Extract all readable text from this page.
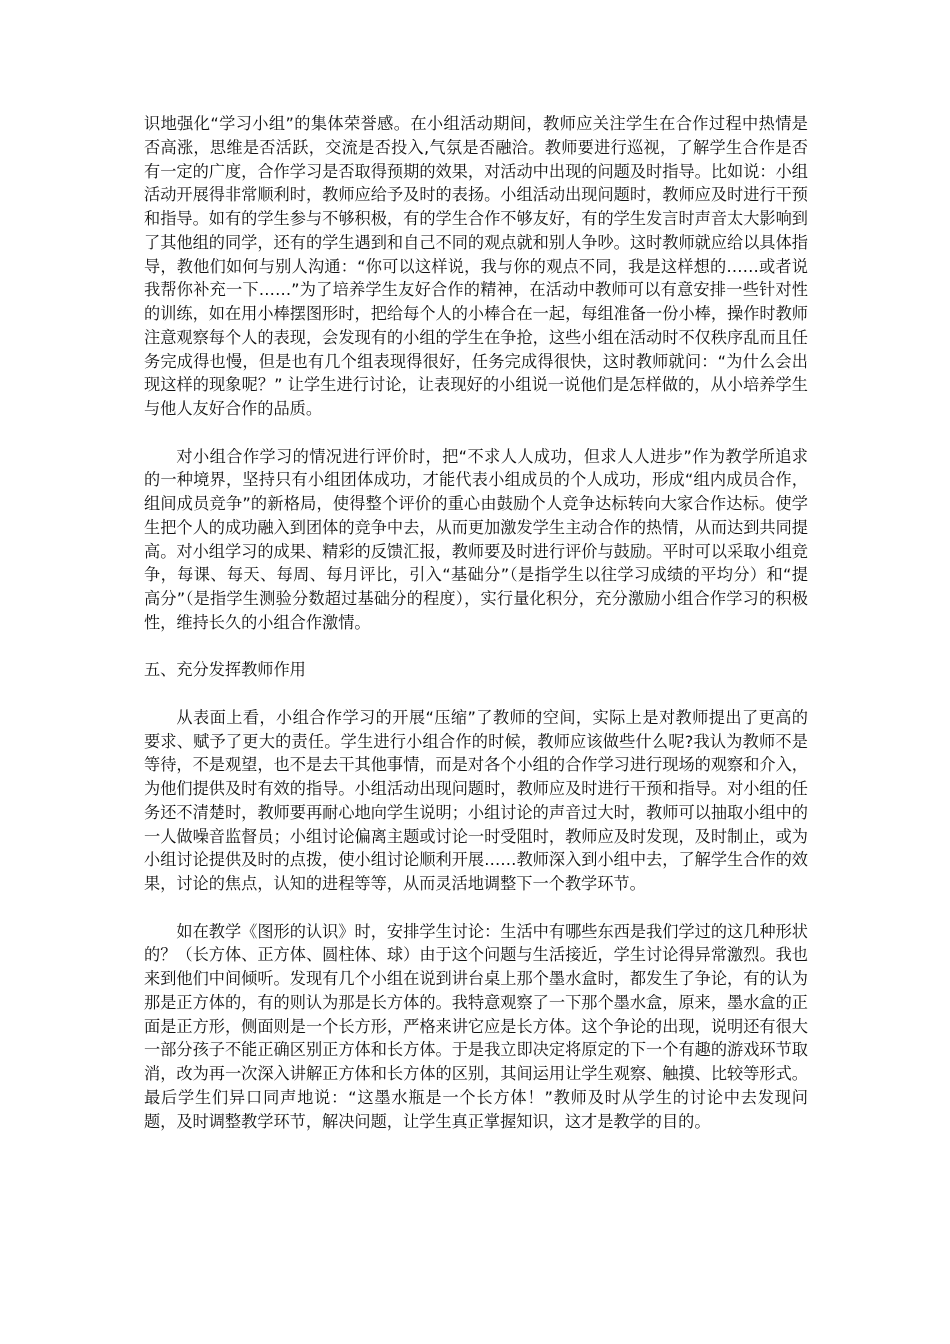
识地强化“学习小组”的集体荣誉感。在小组活动期间，教师应关注学生在合作过程中热情是否高涨，思维是否活跃，交流是否投入,气氛是否融洽。教师要进行巡视，了解学生合作是否有一定的广度，合作学习是否取得预期的效果，对活动中出现的问题及时指导。比如说：小组活动开展得非常顺利时，教师应给予及时的表扬。小组活动出现问题时，教师应及时进行干预和指导。如有的学生参与不够积极，有的学生合作不够友好，有的学生发言时声音太大影响到了其他组的同学，还有的学生遇到和自己不同的观点就和别人争吵。这时教师就应给以具体指导，教他们如何与别人沟通：“你可以这样说，我与你的观点不同，我是这样想的……或者说我帮你补充一下……”为了培养学生友好合作的精神，在活动中教师可以有意安排一些针对性的训练，如在用小棒摆图形时，把给每个人的小棒合在一起，每组准备一份小棒，操作时教师注意观察每个人的表现，会发现有的小组的学生在争抢，这些小组在活动时不仅秩序乱而且任务完成得也慢，但是也有几个组表现得很好，任务完成得很快，这时教师就问：“为什么会出现这样的现象呢？” 让学生进行讨论，让表现好的小组说一说他们是怎样做的，从小培养学生与他人友好合作的品质。

对小组合作学习的情况进行评价时，把“不求人人成功，但求人人进步”作为教学所追求的一种境界，坚持只有小组团体成功，才能代表小组成员的个人成功，形成“组内成员合作，组间成员竞争”的新格局，使得整个评价的重心由鼓励个人竞争达标转向大家合作达标。使学生把个人的成功融入到团体的竞争中去，从而更加激发学生主动合作的热情，从而达到共同提高。对小组学习的成果、精彩的反馈汇报，教师要及时进行评价与鼓励。平时可以采取小组竞争，每课、每天、每周、每月评比，引入“基础分”（是指学生以往学习成绩的平均分）和“提高分”（是指学生测验分数超过基础分的程度），实行量化积分，充分激励小组合作学习的积极性，维持长久的小组合作激情。

五、充分发挥教师作用

从表面上看，小组合作学习的开展“压缩”了教师的空间，实际上是对教师提出了更高的要求、赋予了更大的责任。学生进行小组合作的时候，教师应该做些什么呢?我认为教师不是等待，不是观望，也不是去干其他事情，而是对各个小组的合作学习进行现场的观察和介入，为他们提供及时有效的指导。小组活动出现问题时，教师应及时进行干预和指导。对小组的任务还不清楚时，教师要再耐心地向学生说明；小组讨论的声音过大时，教师可以抽取小组中的一人做噪音监督员；小组讨论偏离主题或讨论一时受阻时，教师应及时发现，及时制止，或为小组讨论提供及时的点拨，使小组讨论顺利开展……教师深入到小组中去，了解学生合作的效果，讨论的焦点，认知的进程等等，从而灵活地调整下一个教学环节。

如在教学《图形的认识》时，安排学生讨论：生活中有哪些东西是我们学过的这几种形状的？（长方体、正方体、圆柱体、球）由于这个问题与生活接近，学生讨论得异常激烈。我也来到他们中间倾听。发现有几个小组在说到讲台桌上那个墨水盒时，都发生了争论，有的认为那是正方体的，有的则认为那是长方体的。我特意观察了一下那个墨水盒，原来，墨水盒的正面是正方形，侧面则是一个长方形，严格来讲它应是长方体。这个争论的出现，说明还有很大一部分孩子不能正确区别正方体和长方体。于是我立即决定将原定的下一个有趣的游戏环节取消，改为再一次深入讲解正方体和长方体的区别，其间运用让学生观察、触摸、比较等形式。最后学生们异口同声地说：“这墨水瓶是一个长方体！”教师及时从学生的讨论中去发现问题，及时调整教学环节，解决问题，让学生真正掌握知识，这才是教学的目的。
